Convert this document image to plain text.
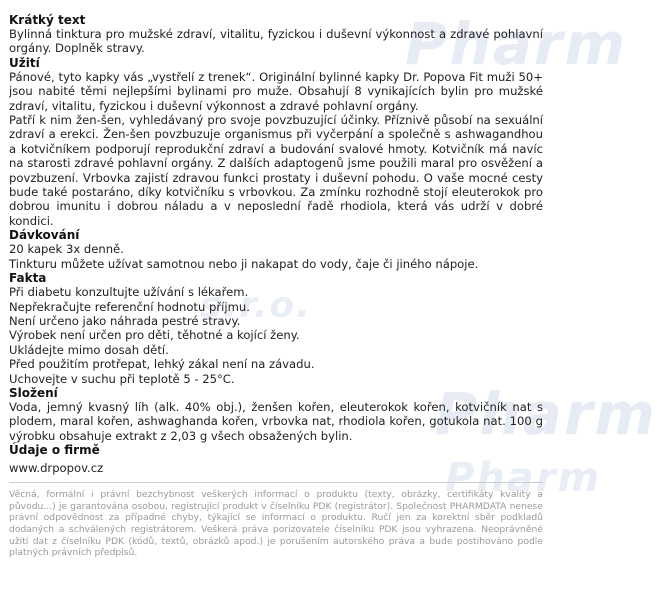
Pharm
s.r.o.
Pharm
Pharm
Krátký text

Bylinná tinktura pro mužské zdraví, vitalitu, fyzickou i duševní výkonnost a zdravé pohlavní orgány. Doplněk stravy.

Užití

Pánové, tyto kapky vás „vystřelí z trenek“. Originální bylinné kapky Dr. Popova Fit muži 50+ jsou nabité těmi nejlepšími bylinami pro muže. Obsahují 8 vynikajících bylin pro mužské zdraví, vitalitu, fyzickou i duševní výkonnost a zdravé pohlavní orgány.

Patří k nim žen-šen, vyhledávaný pro svoje povzbuzující účinky. Příznivě působí na sexuální zdraví a erekci. Žen-šen povzbuzuje organismus při vyčerpání a společně s ashwagandhou a kotvičníkem podporují reprodukční zdraví a budování svalové hmoty. Kotvičník má navíc na starosti zdravé pohlavní orgány. Z dalších adaptogenů jsme použili maral pro osvěžení a povzbuzení. Vrbovka zajistí zdravou funkci prostaty i duševní pohodu. O vaše mocné cesty bude také postaráno, díky kotvičníku s vrbovkou. Za zmínku rozhodně stojí eleuterokok pro dobrou imunitu i dobrou náladu a v neposlední řadě rhodiola, která vás udrží v dobré kondici.

Dávkování
20 kapek 3x denně.
Tinkturu můžete užívat samotnou nebo ji nakapat do vody, čaje či jiného nápoje.
Fakta
Při diabetu konzultujte užívání s lékařem.
Nepřekračujte referenční hodnotu příjmu.
Není určeno jako náhrada pestré stravy.
Výrobek není určen pro děti, těhotné a kojící ženy.
Ukládejte mimo dosah dětí.
Před použitím protřepat, lehký zákal není na závadu.
Uchovejte v suchu při teplotě 5 - 25°C.
Složení

Voda, jemný kvasný líh (alk. 40% obj.), ženšen kořen, eleuterokok kořen, kotvičník nat s plodem, maral kořen, ashwaghanda kořen, vrbovka nat, rhodiola kořen, gotukola nat. 100 g výrobku obsahuje extrakt z 2,03 g všech obsažených bylin.

Údaje o firmě
www.drpopov.cz
Věcná, formální i právní bezchybnost veškerých informací o produktu (texty, obrázky, certifikáty kvality a původu...) je garantována osobou, registrující produkt v číselníku PDK (registrátor). Společnost PHARMDATA nenese právní odpovědnost za případné chyby, týkající se informací o produktu. Ručí jen za korektní sběr podkladů dodaných a schválených registrátorem. Veškerá práva porizovatele číselníku PDK jsou vyhrazena. Neoprávněné užití dat z číselníku PDK (kódů, textů, obrázků apod.) je porušením autorského práva a bude postihováno podle platných právních předpisů.
